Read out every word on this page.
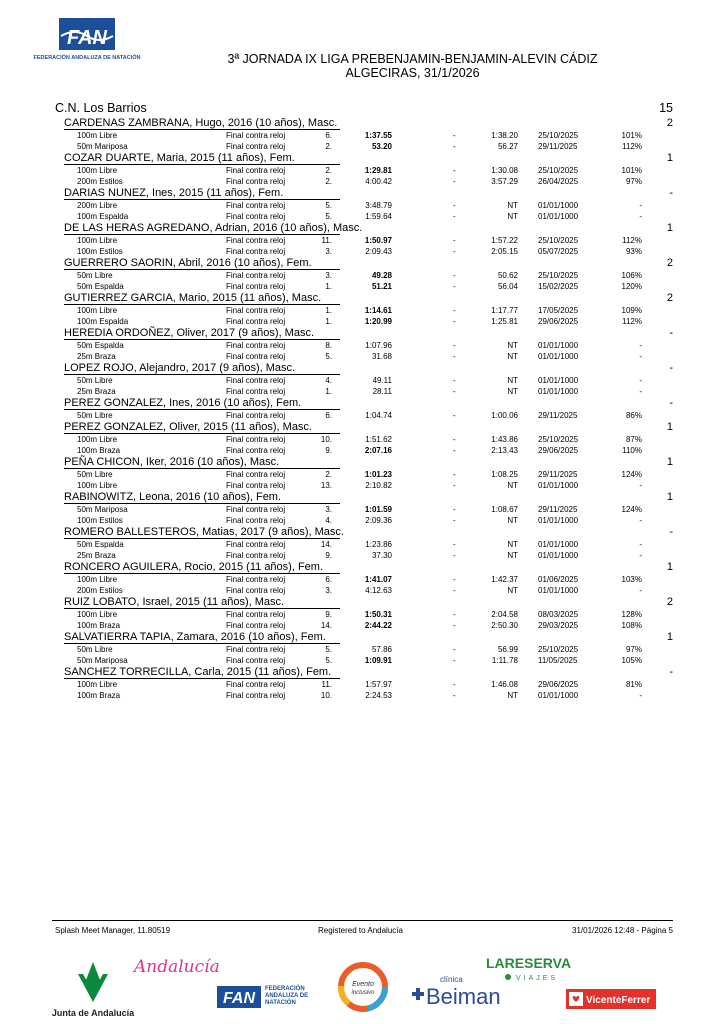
FAN
FEDERACIÓN ANDALUZA DE NATACIÓN	3ª JORNADA IX LIGA PREBENJAMIN-BENJAMIN-ALEVIN CÁDIZ
ALGECIRAS, 31/1/2026
C.N. Los Barrios	15
CARDENAS ZAMBRANA, Hugo, 2016 (10 años), Masc.	2
100m Libre	Final contra reloj	6.	1:37.55	-	1:38.20	25/10/2025	101%
50m Mariposa	Final contra reloj	2.	53.20	-	56.27	29/11/2025	112%
COZAR DUARTE, Maria, 2015 (11 años), Fem.	1
100m Libre	Final contra reloj	2.	1:29.81	-	1:30.08	25/10/2025	101%
200m Estilos	Final contra reloj	2.	4:00.42	-	3:57.29	26/04/2025	97%
DARIAS NUNEZ, Ines, 2015 (11 años), Fem.	-
200m Libre	Final contra reloj	5.	3:48.79	-	NT	01/01/1000	-
100m Espalda	Final contra reloj	5.	1:59.64	-	NT	01/01/1000	-
DE LAS HERAS AGREDANO, Adrian, 2016 (10 años), Masc.	1
100m Libre	Final contra reloj	11.	1:50.97	-	1:57.22	25/10/2025	112%
100m Estilos	Final contra reloj	3.	2:09.43	-	2:05.15	05/07/2025	93%
GUERRERO SAORIN, Abril, 2016 (10 años), Fem.	2
50m Libre	Final contra reloj	3.	49.28	-	50.62	25/10/2025	106%
50m Espalda	Final contra reloj	1.	51.21	-	56.04	15/02/2025	120%
GUTIERREZ GARCIA, Mario, 2015 (11 años), Masc.	2
100m Libre	Final contra reloj	1.	1:14.61	-	1:17.77	17/05/2025	109%
100m Espalda	Final contra reloj	1.	1:20.99	-	1:25.81	29/06/2025	112%
HEREDIA ORDOÑEZ, Oliver, 2017 (9 años), Masc.	-
50m Espalda	Final contra reloj	8.	1:07.96	-	NT	01/01/1000	-
25m Braza	Final contra reloj	5.	31.68	-	NT	01/01/1000	-
LOPEZ ROJO, Alejandro, 2017 (9 años), Masc.	-
50m Libre	Final contra reloj	4.	49.11	-	NT	01/01/1000	-
25m Braza	Final contra reloj	1.	28.11	-	NT	01/01/1000	-
PEREZ GONZALEZ, Ines, 2016 (10 años), Fem.	-
50m Libre	Final contra reloj	6.	1:04.74	-	1:00.06	29/11/2025	86%
PEREZ GONZALEZ, Oliver, 2015 (11 años), Masc.	1
100m Libre	Final contra reloj	10.	1:51.62	-	1:43.86	25/10/2025	87%
100m Braza	Final contra reloj	9.	2:07.16	-	2:13.43	29/06/2025	110%
PEÑA CHICON, Iker, 2016 (10 años), Masc.	1
50m Libre	Final contra reloj	2.	1:01.23	-	1:08.25	29/11/2025	124%
100m Libre	Final contra reloj	13.	2:10.82	-	NT	01/01/1000	-
RABINOWITZ, Leona, 2016 (10 años), Fem.	1
50m Mariposa	Final contra reloj	3.	1:01.59	-	1:08.67	29/11/2025	124%
100m Estilos	Final contra reloj	4.	2:09.36	-	NT	01/01/1000	-
ROMERO BALLESTEROS, Matias, 2017 (9 años), Masc.	-
50m Espalda	Final contra reloj	14.	1:23.86	-	NT	01/01/1000	-
25m Braza	Final contra reloj	9.	37.30	-	NT	01/01/1000	-
RONCERO AGUILERA, Rocio, 2015 (11 años), Fem.	1
100m Libre	Final contra reloj	6.	1:41.07	-	1:42.37	01/06/2025	103%
200m Estilos	Final contra reloj	3.	4:12.63	-	NT	01/01/1000	-
RUIZ LOBATO, Israel, 2015 (11 años), Masc.	2
100m Libre	Final contra reloj	9.	1:50.31	-	2:04.58	08/03/2025	128%
100m Braza	Final contra reloj	14.	2:44.22	-	2:50.30	29/03/2025	108%
SALVATIERRA TAPIA, Zamara, 2016 (10 años), Fem.	1
50m Libre	Final contra reloj	5.	57.86	-	56.99	25/10/2025	97%
50m Mariposa	Final contra reloj	5.	1:09.91	-	1:11.78	11/05/2025	105%
SANCHEZ TORRECILLA, Carla, 2015 (11 años), Fem.	-
100m Libre	Final contra reloj	11.	1:57.97	-	1:46.08	29/06/2025	81%
100m Braza	Final contra reloj	10.	2:24.53	-	NT	01/01/1000	-
Splash Meet Manager, 11.80519	Registered to Andalucía	31/01/2026 12:48 - Página 5
Junta de Andalucía
Andalucía
FAN
FEDERACIÓN ANDALUZA DE NATACIÓN
Evento
inclusivo
clínica
Beiman
LARESERVA
VIAJES
VicenteFerrer
